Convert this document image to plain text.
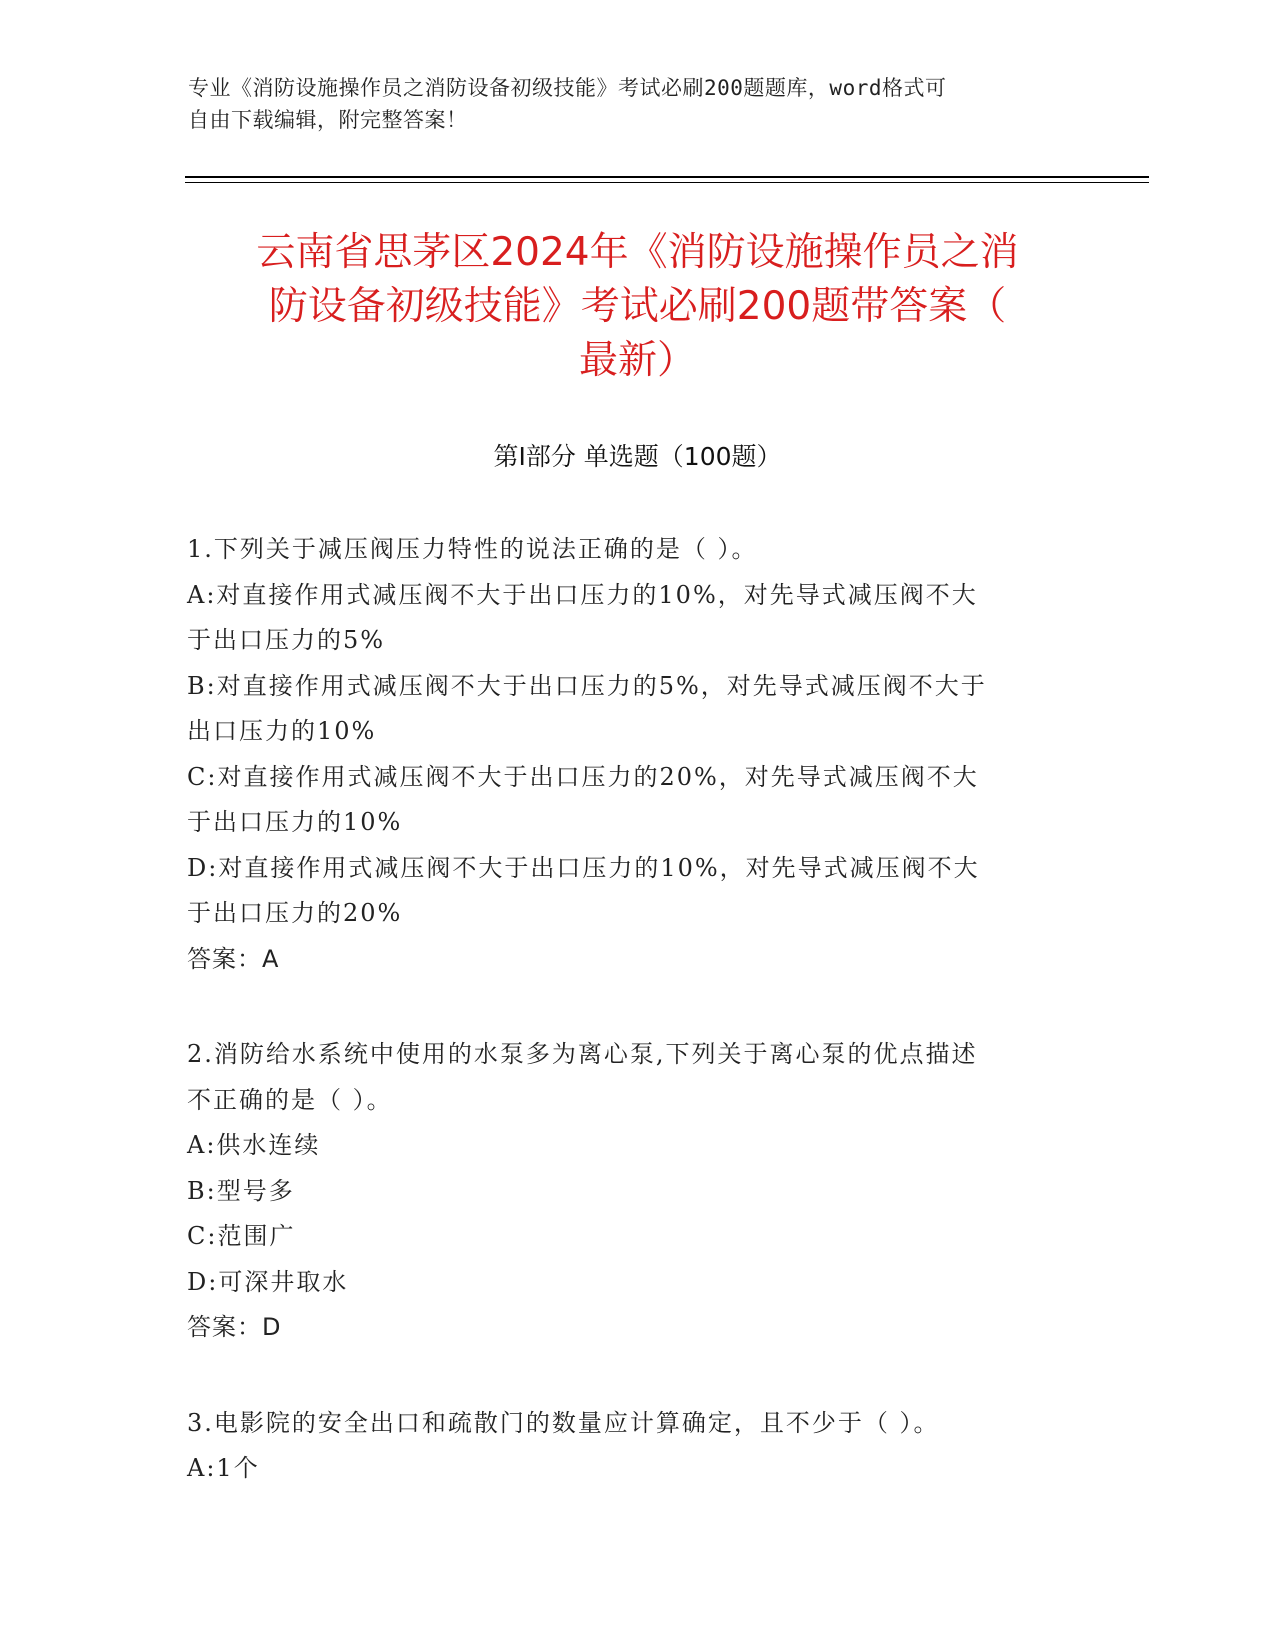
专业《消防设施操作员之消防设备初级技能》考试必刷200题题库，word格式可
自由下载编辑，附完整答案！
云南省思茅区2024年《消防设施操作员之消
防设备初级技能》考试必刷200题带答案（
最新）
第I部分 单选题（100题）
1.下列关于减压阀压力特性的说法正确的是（ ）。
A:对直接作用式减压阀不大于出口压力的10%，对先导式减压阀不大
于出口压力的5%
B:对直接作用式减压阀不大于出口压力的5%，对先导式减压阀不大于
出口压力的10%
C:对直接作用式减压阀不大于出口压力的20%，对先导式减压阀不大
于出口压力的10%
D:对直接作用式减压阀不大于出口压力的10%，对先导式减压阀不大
于出口压力的20%
答案：A
2.消防给水系统中使用的水泵多为离心泵,下列关于离心泵的优点描述
不正确的是（ ）。
A:供水连续
B:型号多
C:范围广
D:可深井取水
答案：D
3.电影院的安全出口和疏散门的数量应计算确定，且不少于（ ）。
A:1个
